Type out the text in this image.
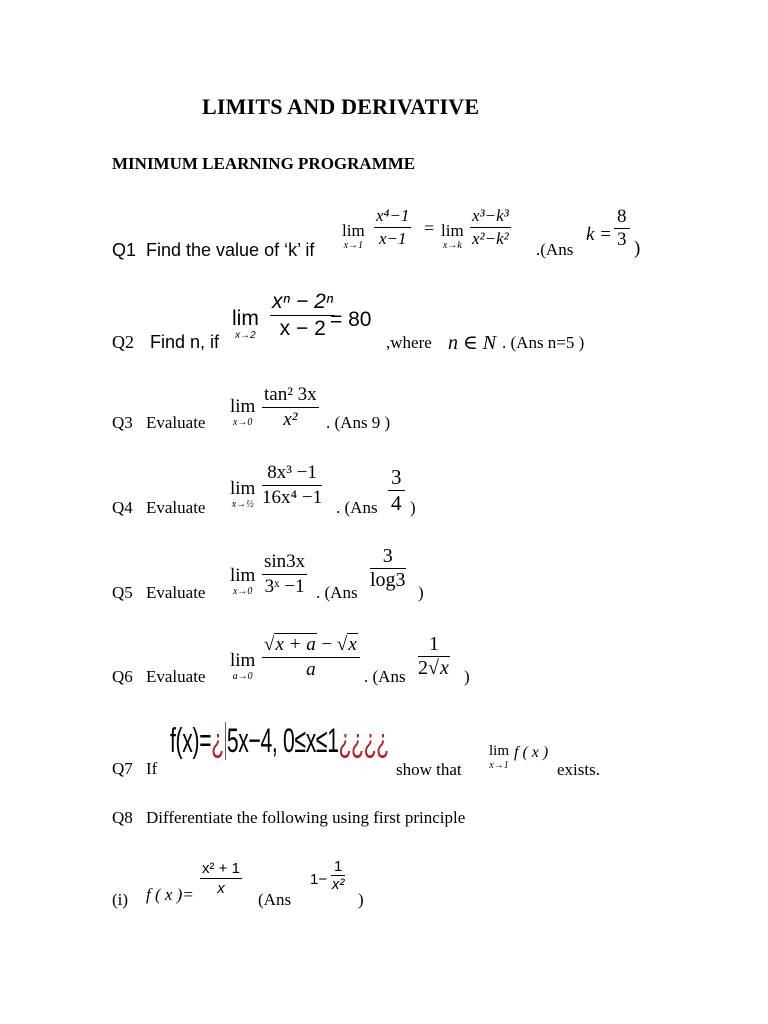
LIMITS AND DERIVATIVE
MINIMUM LEARNING PROGRAMME
Q1 Find the value of ‘k’ if
lim
$x\to 1 \frac{\text{x⁴−1}}{x-1} = \lim$
$x\to k \frac{\text{x³−k³}}{\text{x²−k²}}$
.(Ans
$k = \frac{8}{3}$ )
Q2 Find n, if
lim
$x\to 2 \frac{\text{xⁿ − 2ⁿ}}{x - 2}$
= 80
,where n ∈ N . (Ans n=5 )
Q3 Evaluate
lim
$x\to 0 \frac{\text{tan² 3x}}{\text{x²}}$ . (Ans 9 )
Q4 Evaluate
lim
x→½ $\frac{\text{8x³ −1}}{\text{16x⁴ −1}}$ . ($Ans \frac{3}{4}$ )
Q5 Evaluate
lim
$x\to 0 \frac{\sin 3x}{\text{3ˣ −1}}$ . (Ans
$\frac{3}{\log 3}$
)
Q6 Evaluate
lim
$a\to 0 \frac{√x + a - √x}{a}$ . ($Ans \frac{1}{2√x}$ )
Q7 If
f(x)=¿5x−4, 0≤x≤1¿¿¿¿
show that
lim
x→1
f ( x )
exists.
Q8 Differentiate the following using first principle
(i) f ( x )= $\frac{\text{x² + 1}}{x}$
(Ans
$1- \frac{1}{\text{x²}}$
)
